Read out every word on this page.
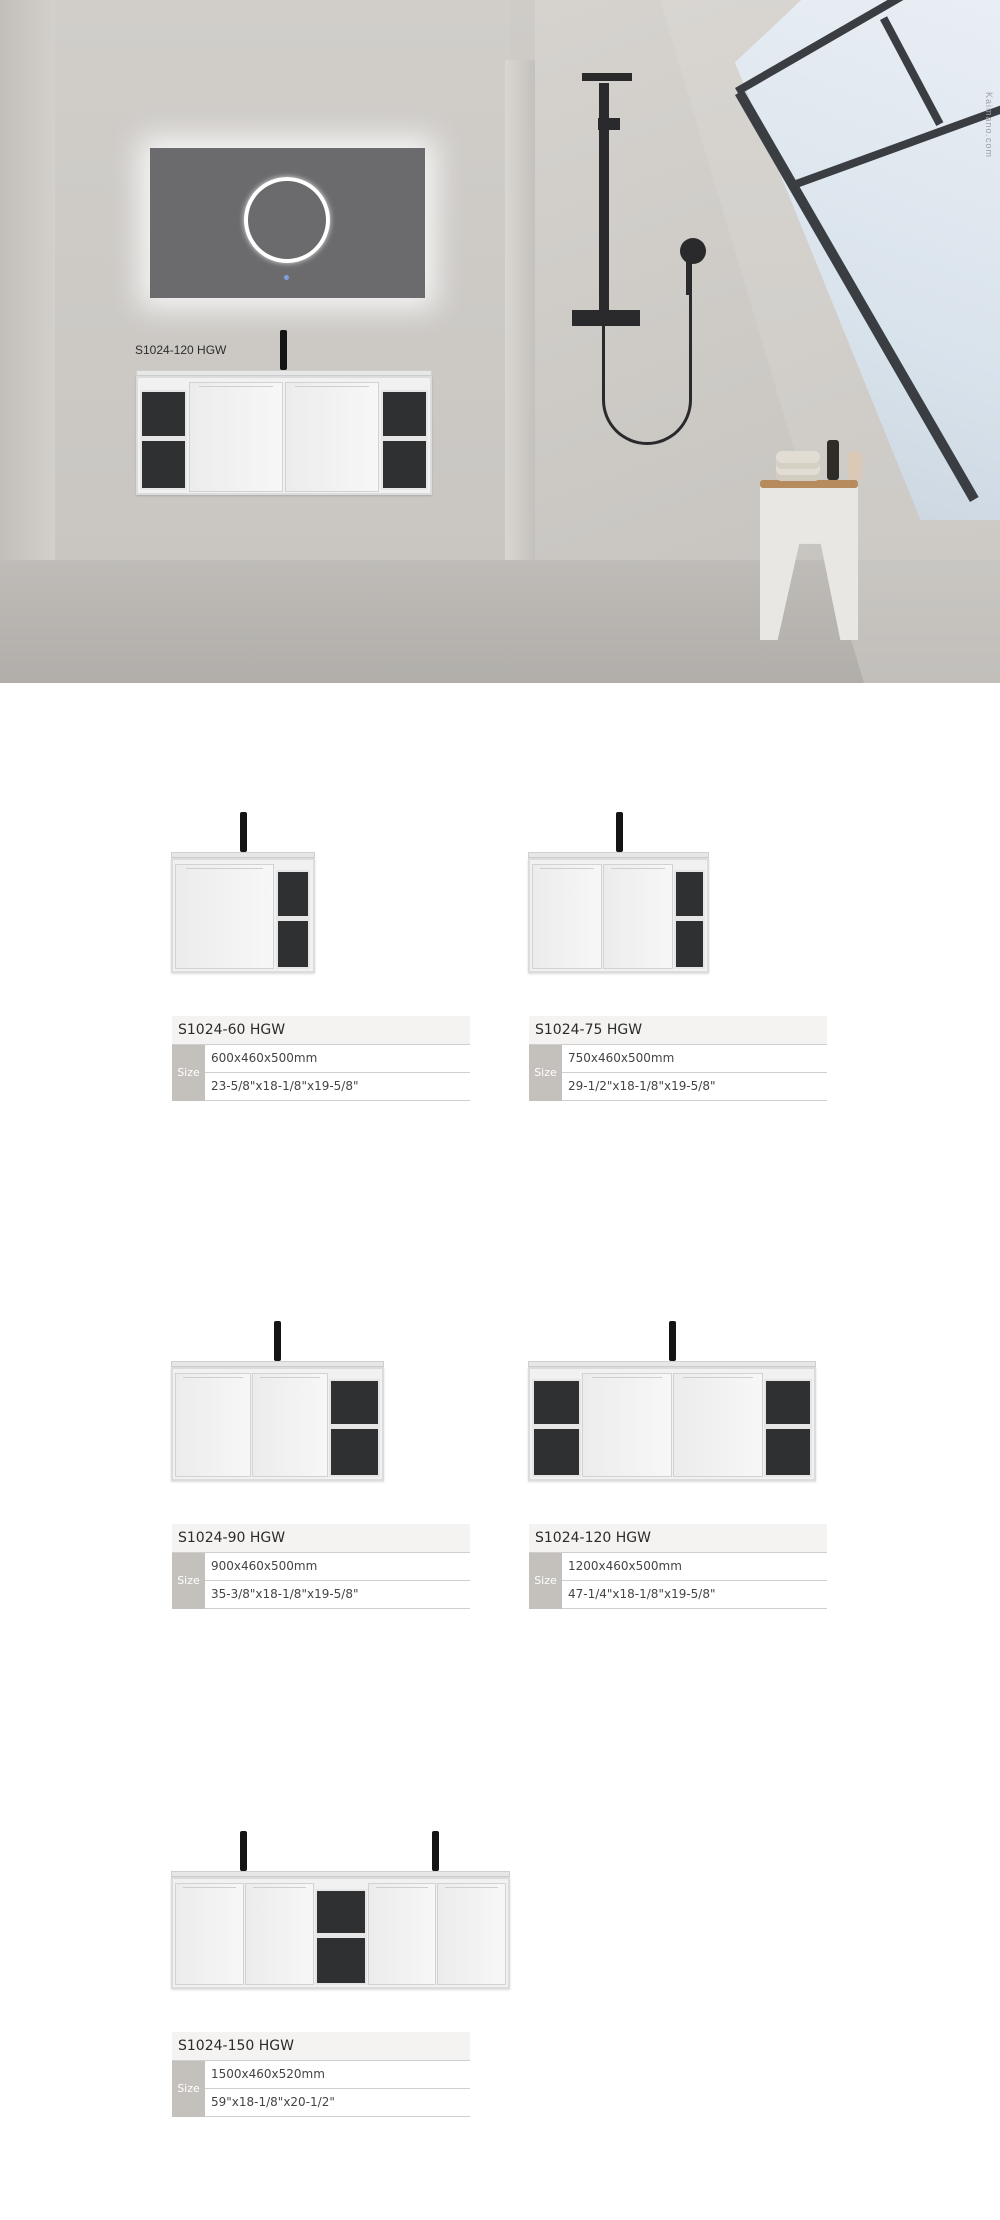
Kaimano.com
S1024-120 HGW
S1024-60 HGW
Size
600x460x500mm
23-5/8"x18-1/8"x19-5/8"
S1024-75 HGW
Size
750x460x500mm
29-1/2"x18-1/8"x19-5/8"
S1024-90 HGW
Size
900x460x500mm
35-3/8"x18-1/8"x19-5/8"
S1024-120 HGW
Size
1200x460x500mm
47-1/4"x18-1/8"x19-5/8"
S1024-150 HGW
Size
1500x460x520mm
59"x18-1/8"x20-1/2"
